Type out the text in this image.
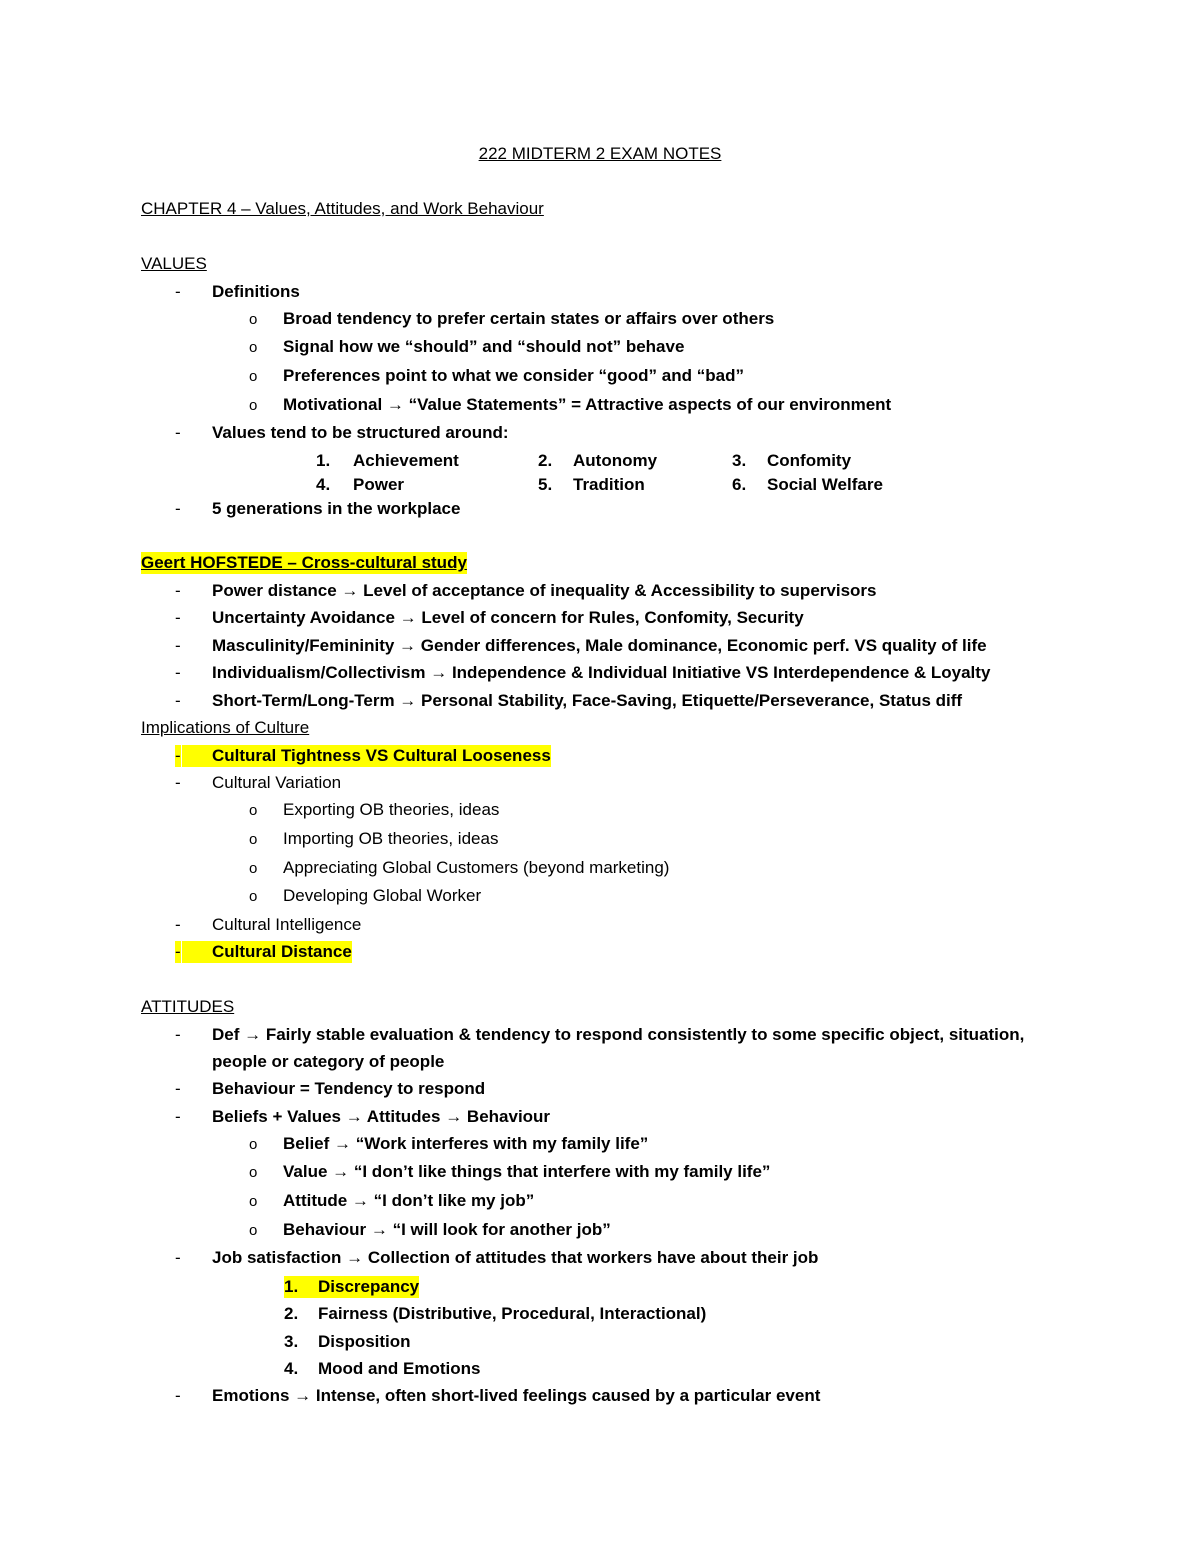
222 MIDTERM 2 EXAM NOTES
CHAPTER 4 – Values, Attitudes, and Work Behaviour
VALUES
- Definitions
o Broad tendency to prefer certain states or affairs over others
o Signal how we “should” and “should not” behave
o Preferences point to what we consider “good” and “bad”
o Motivational → “Value Statements” = Attractive aspects of our environment
- Values tend to be structured around:
1. Achievement	2. Autonomy	3. Confomity
4. Power	5. Tradition	6. Social Welfare
- 5 generations in the workplace
Geert HOFSTEDE – Cross-cultural study
- Power distance → Level of acceptance of inequality & Accessibility to supervisors
- Uncertainty Avoidance → Level of concern for Rules, Confomity, Security
- Masculinity/Femininity → Gender differences, Male dominance, Economic perf. VS quality of life
- Individualism/Collectivism → Independence & Individual Initiative VS Interdependence & Loyalty
- Short-Term/Long-Term → Personal Stability, Face-Saving, Etiquette/Perseverance, Status diff
Implications of Culture
-
Cultural Tightness VS Cultural Looseness
- Cultural Variation
o Exporting OB theories, ideas
o Importing OB theories, ideas
o Appreciating Global Customers (beyond marketing)
o Developing Global Worker
- Cultural Intelligence
-
Cultural Distance
ATTITUDES
- Def → Fairly stable evaluation & tendency to respond consistently to some specific object, situation,
people or category of people
- Behaviour = Tendency to respond
- Beliefs + Values → Attitudes → Behaviour
o Belief → “Work interferes with my family life”
o Value → “I don’t like things that interfere with my family life”
o Attitude → “I don’t like my job”
o Behaviour → “I will look for another job”
- Job satisfaction → Collection of attitudes that workers have about their job
1.
Discrepancy
2. Fairness (Distributive, Procedural, Interactional)
3. Disposition
4. Mood and Emotions
- Emotions → Intense, often short-lived feelings caused by a particular event
